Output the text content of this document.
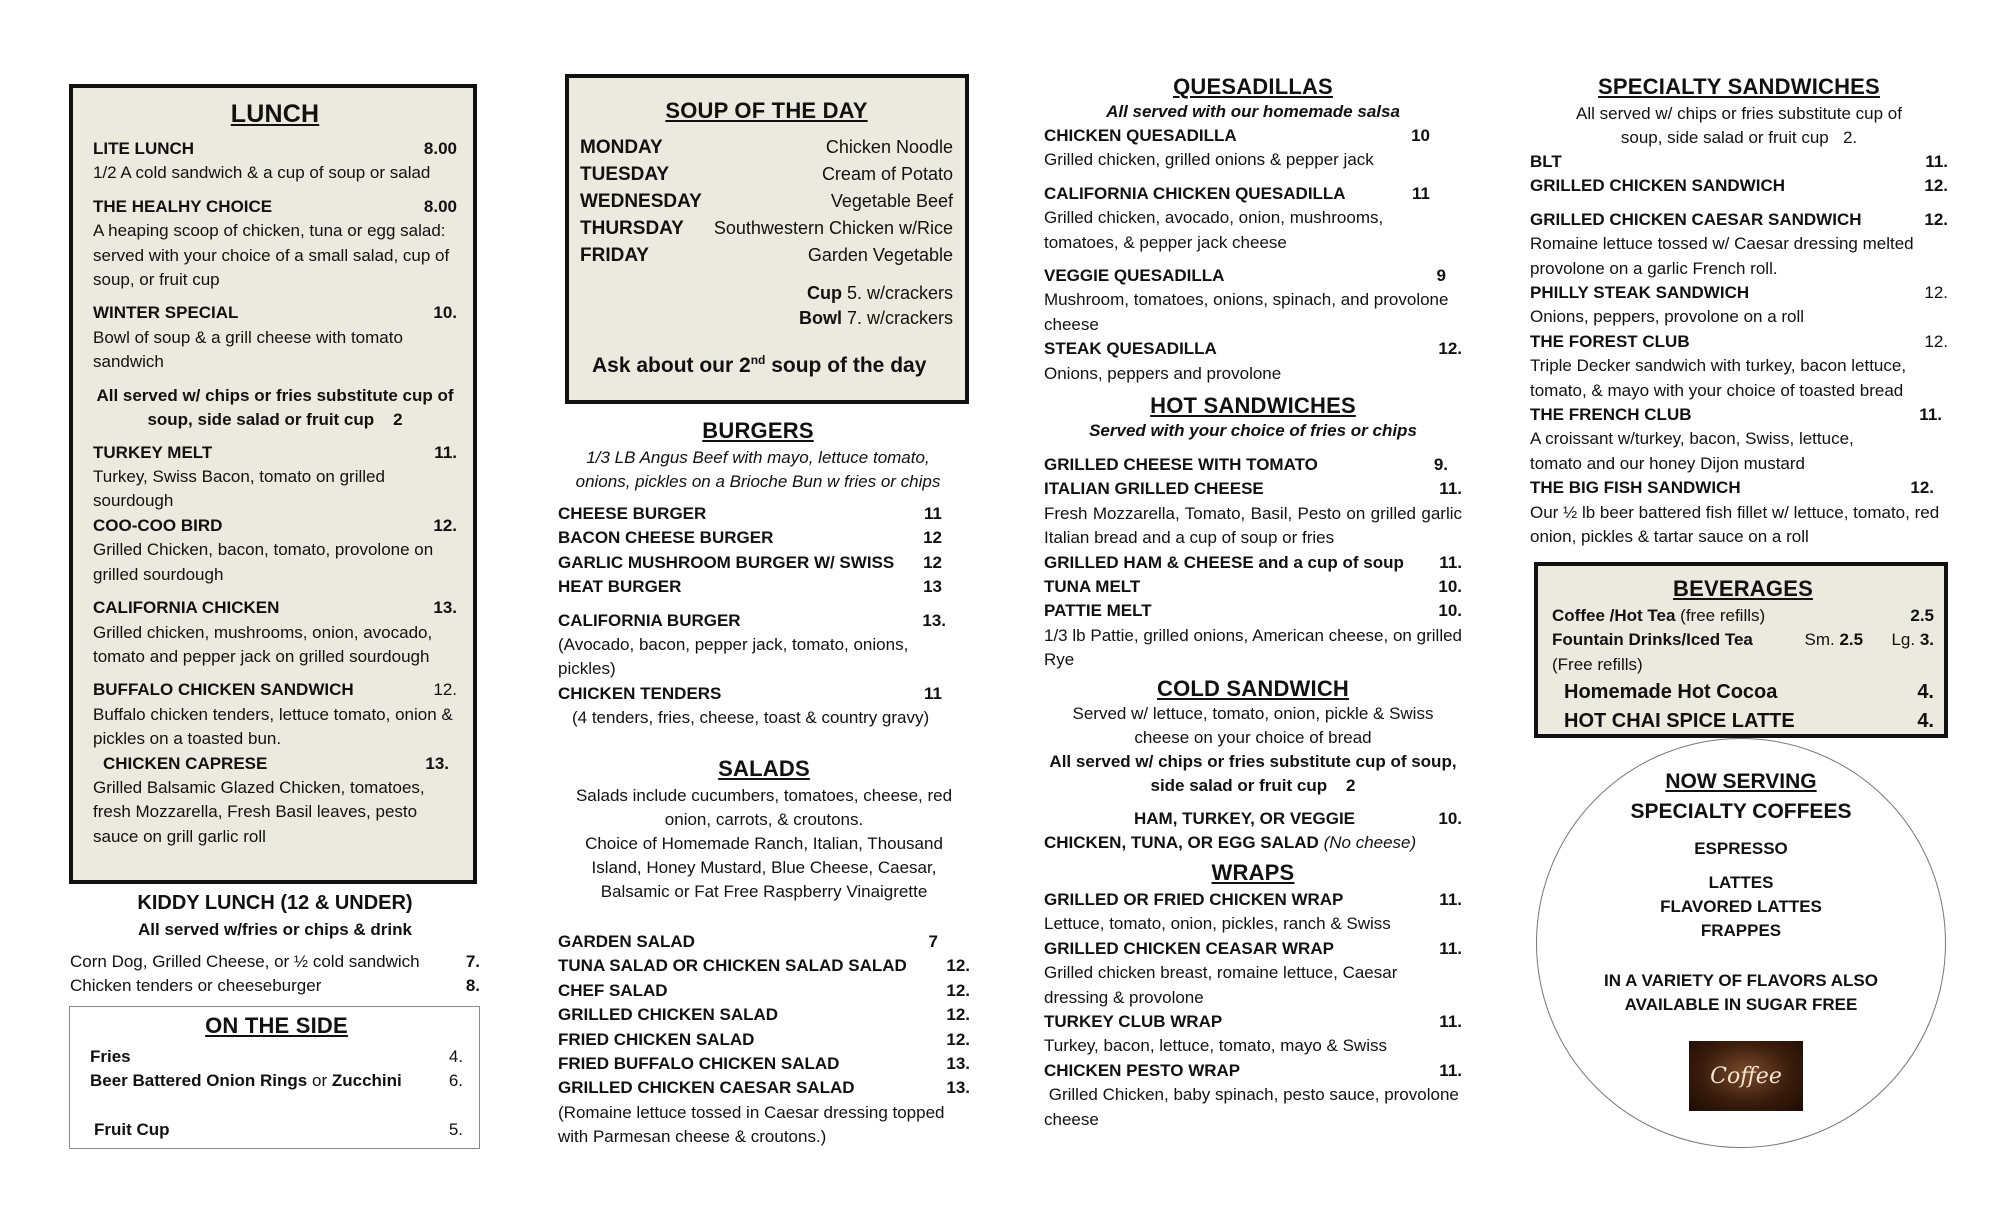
LUNCH
LITE LUNCH	8.00
1/2 A cold sandwich & a cup of soup or salad
THE HEALHY CHOICE	8.00
A heaping scoop of chicken, tuna or egg salad: served with your choice of a small salad, cup of soup, or fruit cup
WINTER SPECIAL	10.
Bowl of soup & a grill cheese with tomato sandwich
All served w/ chips or fries substitute cup of soup, side salad or fruit cup 2
TURKEY MELT	11.
Turkey, Swiss Bacon, tomato on grilled sourdough
COO-COO BIRD	12.
Grilled Chicken, bacon, tomato, provolone on grilled sourdough
CALIFORNIA CHICKEN	13.
Grilled chicken, mushrooms, onion, avocado, tomato and pepper jack on grilled sourdough
BUFFALO CHICKEN SANDWICH	12.
Buffalo chicken tenders, lettuce tomato, onion & pickles on a toasted bun.
CHICKEN CAPRESE	13.
Grilled Balsamic Glazed Chicken, tomatoes, fresh Mozzarella, Fresh Basil leaves, pesto sauce on grill garlic roll
KIDDY LUNCH (12 & UNDER)
All served w/fries or chips & drink
Corn Dog, Grilled Cheese, or ½ cold sandwich	7.
Chicken tenders or cheeseburger	8.
ON THE SIDE
Fries	4.
Beer Battered Onion Rings or Zucchini	6.
Fruit Cup	5.
SOUP OF THE DAY
MONDAY	Chicken Noodle
TUESDAY	Cream of Potato
WEDNESDAY	Vegetable Beef
THURSDAY Southwestern Chicken w/Rice
FRIDAY	Garden Vegetable
Cup 5. w/crackers
Bowl 7. w/crackers
Ask about our 2nd soup of the day
BURGERS
1/3 LB Angus Beef with mayo, lettuce tomato, onions, pickles on a Brioche Bun w fries or chips
CHEESE BURGER	11
BACON CHEESE BURGER	12
GARLIC MUSHROOM BURGER W/ SWISS 12
HEAT BURGER	13
CALIFORNIA BURGER	13.
(Avocado, bacon, pepper jack, tomato, onions, pickles)
CHICKEN TENDERS	11
(4 tenders, fries, cheese, toast & country gravy)
SALADS
Salads include cucumbers, tomatoes, cheese, red onion, carrots, & croutons.
Choice of Homemade Ranch, Italian, Thousand Island, Honey Mustard, Blue Cheese, Caesar, Balsamic or Fat Free Raspberry Vinaigrette
GARDEN SALAD	7
TUNA SALAD OR CHICKEN SALAD SALAD 12.
CHEF SALAD	12.
GRILLED CHICKEN SALAD	12.
FRIED CHICKEN SALAD	12.
FRIED BUFFALO CHICKEN SALAD	13.
GRILLED CHICKEN CAESAR SALAD	13.
(Romaine lettuce tossed in Caesar dressing topped with Parmesan cheese & croutons.)
QUESADILLAS
All served with our homemade salsa
CHICKEN QUESADILLA	10
Grilled chicken, grilled onions & pepper jack
CALIFORNIA CHICKEN QUESADILLA	11
Grilled chicken, avocado, onion, mushrooms, tomatoes, & pepper jack cheese
VEGGIE QUESADILLA	9
Mushroom, tomatoes, onions, spinach, and provolone cheese
STEAK QUESADILLA	12.
Onions, peppers and provolone
HOT SANDWICHES
Served with your choice of fries or chips
GRILLED CHEESE WITH TOMATO	9.
ITALIAN GRILLED CHEESE	11.
Fresh Mozzarella, Tomato, Basil, Pesto on grilled garlic Italian bread and a cup of soup or fries
GRILLED HAM & CHEESE and a cup of soup 11.
TUNA MELT	10.
PATTIE MELT	10.
1/3 lb Pattie, grilled onions, American cheese, on grilled Rye
COLD SANDWICH
Served w/ lettuce, tomato, onion, pickle & Swiss cheese on your choice of bread
All served w/ chips or fries substitute cup of soup, side salad or fruit cup 2
HAM, TURKEY, OR VEGGIE	10.
CHICKEN, TUNA, OR EGG SALAD (No cheese)
WRAPS
GRILLED OR FRIED CHICKEN WRAP	11.
Lettuce, tomato, onion, pickles, ranch & Swiss
GRILLED CHICKEN CEASAR WRAP	11.
Grilled chicken breast, romaine lettuce, Caesar dressing & provolone
TURKEY CLUB WRAP	11.
Turkey, bacon, lettuce, tomato, mayo & Swiss
CHICKEN PESTO WRAP	11.
Grilled Chicken, baby spinach, pesto sauce, provolone cheese
SPECIALTY SANDWICHES
All served w/ chips or fries substitute cup of soup, side salad or fruit cup 2.
BLT	11.
GRILLED CHICKEN SANDWICH	12.
GRILLED CHICKEN CAESAR SANDWICH	12.
Romaine lettuce tossed w/ Caesar dressing melted provolone on a garlic French roll.
PHILLY STEAK SANDWICH	12.
Onions, peppers, provolone on a roll
THE FOREST CLUB	12.
Triple Decker sandwich with turkey, bacon lettuce, tomato, & mayo with your choice of toasted bread
THE FRENCH CLUB	11.
A croissant w/turkey, bacon, Swiss, lettuce, tomato and our honey Dijon mustard
THE BIG FISH SANDWICH	12.
Our ½ lb beer battered fish fillet w/ lettuce, tomato, red onion, pickles & tartar sauce on a roll
BEVERAGES
Coffee /Hot Tea (free refills)	2.5
Fountain Drinks/Iced Tea	Sm. 2.5 Lg. 3.
(Free refills)
Homemade Hot Cocoa	4.
HOT CHAI SPICE LATTE	4.
NOW SERVING
SPECIALTY COFFEES
ESPRESSO
LATTES
FLAVORED LATTES
FRAPPES
IN A VARIETY OF FLAVORS ALSO
AVAILABLE IN SUGAR FREE
Coffee
